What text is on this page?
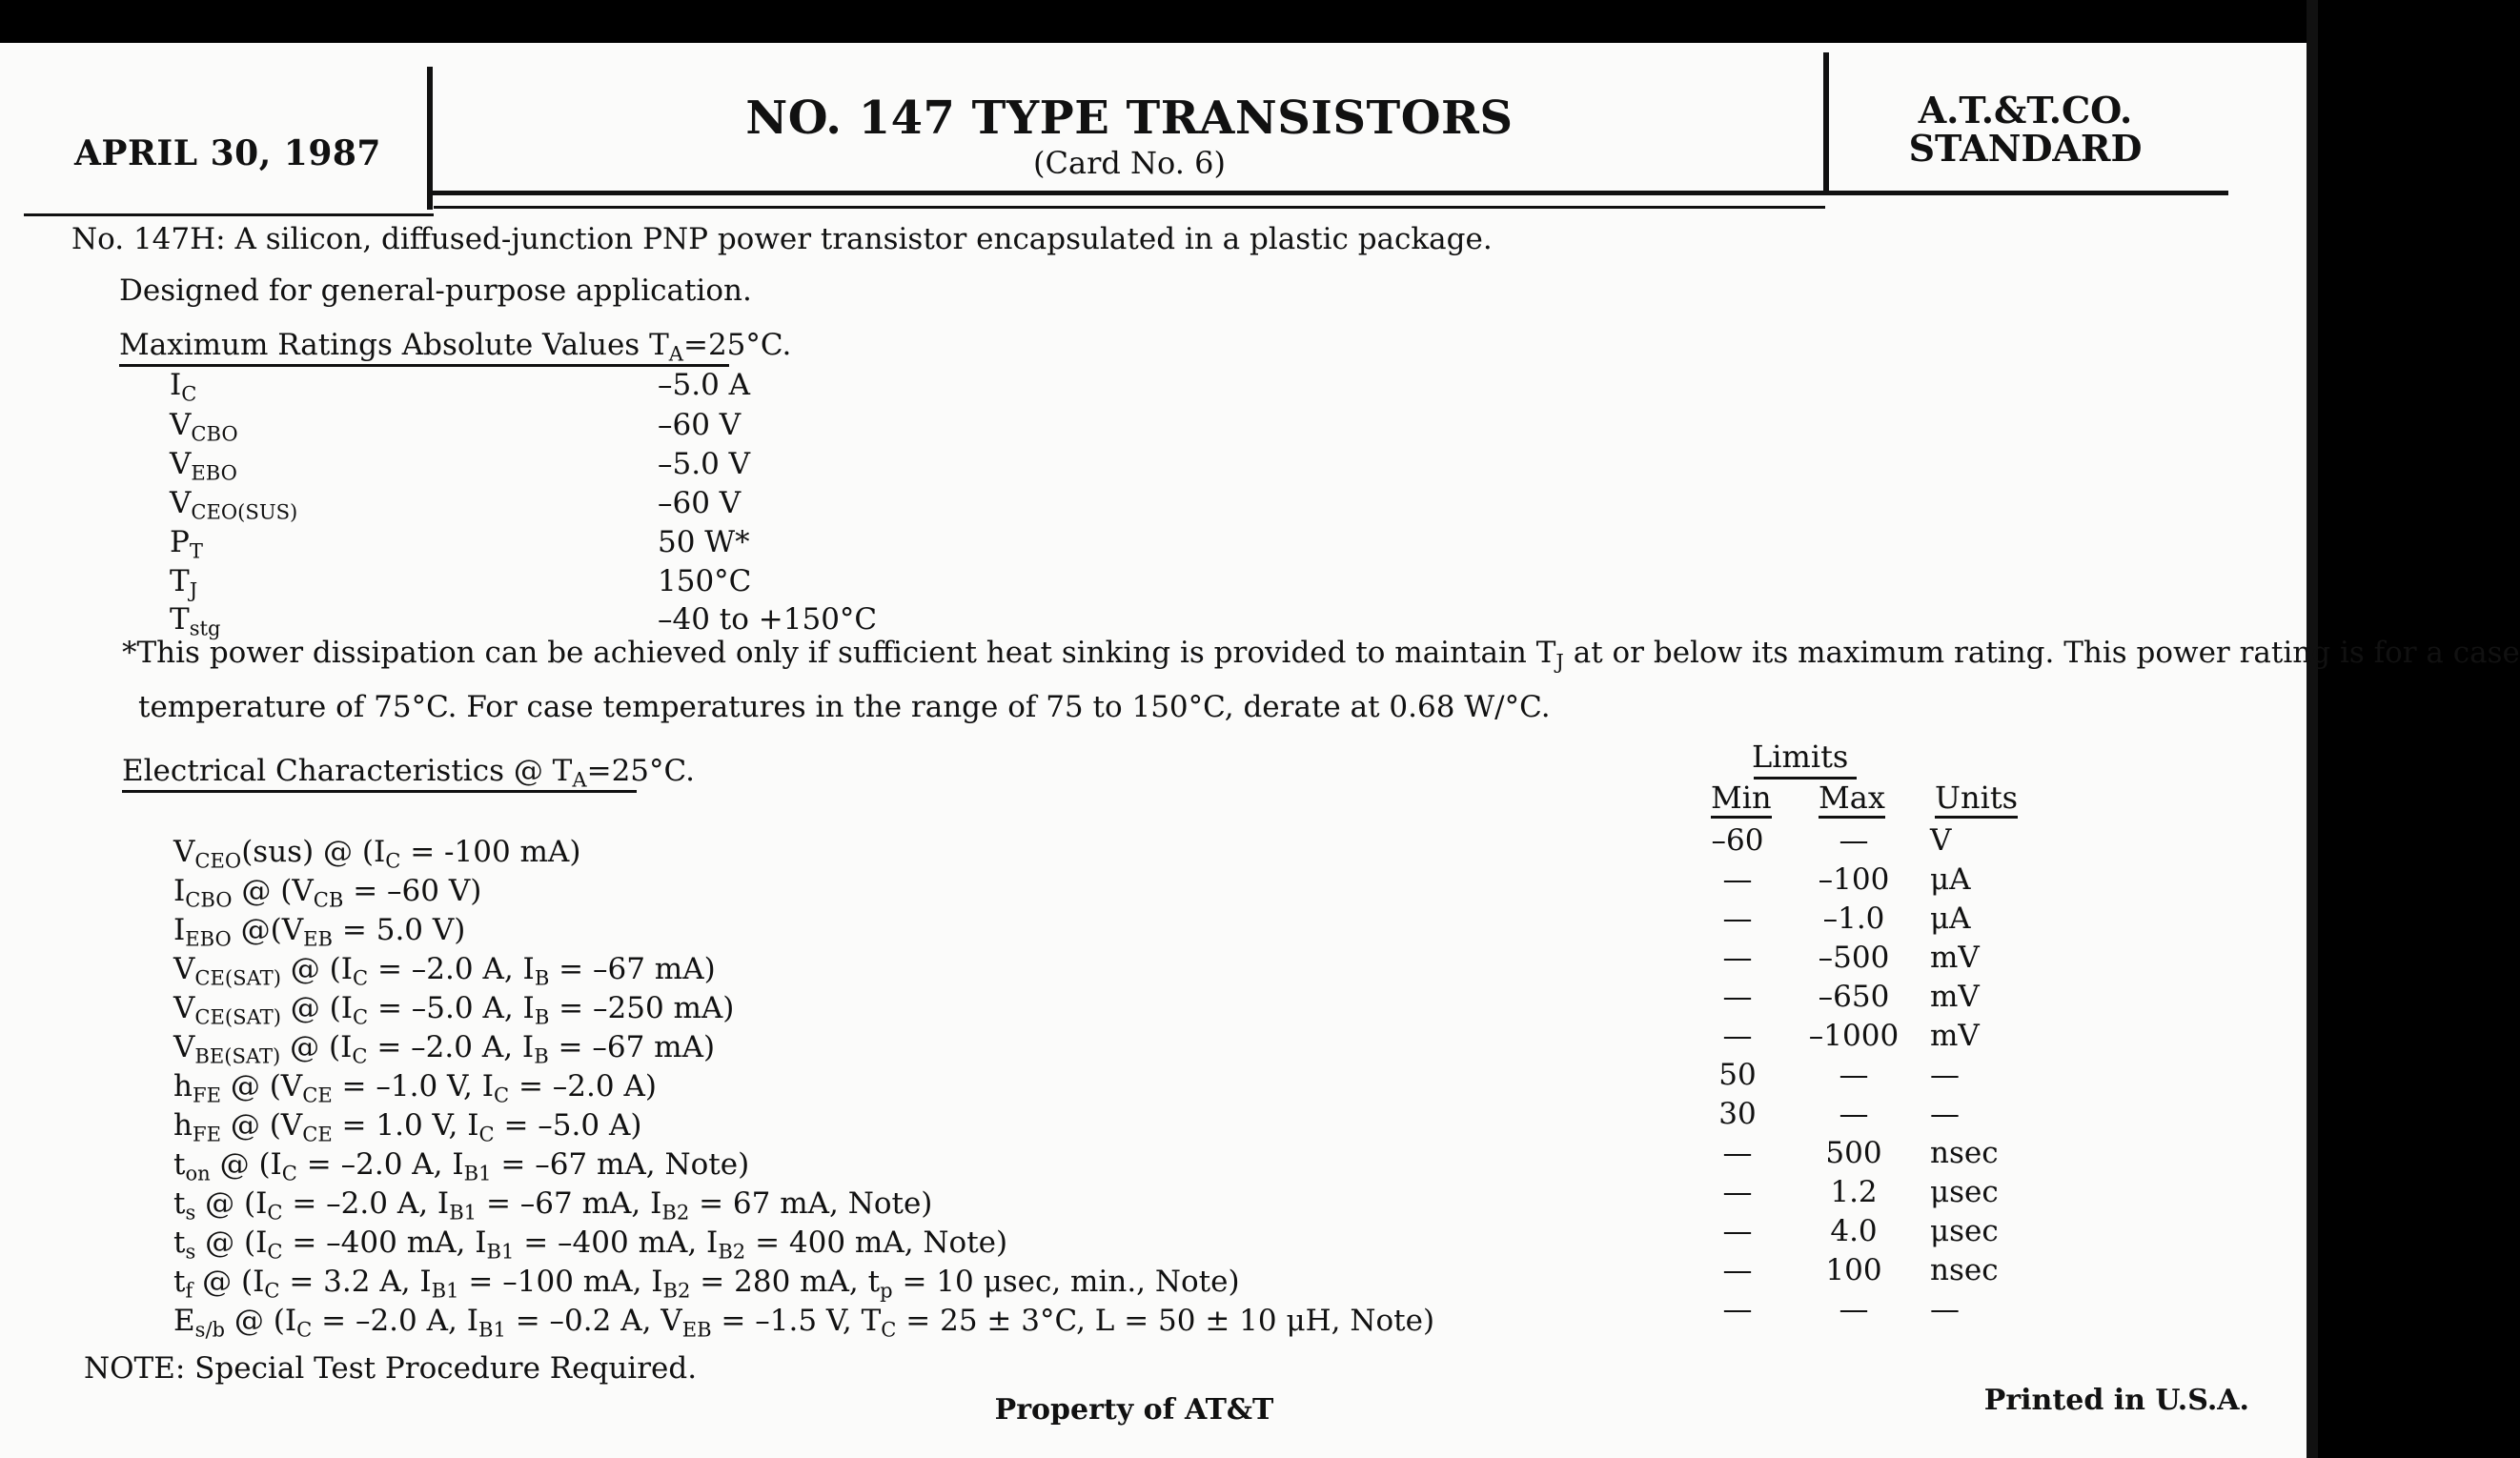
APRIL 30, 1987
NO. 147 TYPE TRANSISTORS
(Card No. 6)
A.T.&T.CO.
STANDARD
No. 147H: A silicon, diffused-junction PNP power transistor encapsulated in a plastic package.
Designed for general-purpose application.
Maximum Ratings Absolute Values $T_A=25^\circ C$.
$I_C$	–5.0 A
$V_{CBO}$	–60 V
$V_{EBO}$	–5.0 V
$V_{CEO(SUS)}$	–60 V
$P_T$	50 W*
$T_J$	150°C
$T_{stg}$	–40 to +150°C
*This power dissipation can be achieved only if sufficient heat sinking is provided to maintain $T_J$ at or below its maximum rating. This power rating is for a case
temperature of 75°C. For case temperatures in the range of 75 to 150°C, derate at 0.68 W/°C.
Electrical Characteristics @ $T_A=25^\circ C$.	Limits
Min Max Units
$V_{CEO}(sus)$ @ ($I_C = -100$ mA)	–60	—	V
$I_{CBO}$ @ ($V_{CB} = -60$ V)	—	–100	μA
$I_{EBO}$ $@(V_{EB} = 5.0$ V)	—	–1.0	μA
$V_{CE(SAT)}$ @ ($I_C = -2.0$ A, $I_B = -67$ mA)	—	–500	mV
$V_{CE(SAT)}$ @ ($I_C = -5.0$ A, $I_B = -250$ mA)	—	–650	mV
$V_{BE(SAT)}$ @ ($I_C = -2.0$ A, $I_B = -67$ mA)	—	–1000 mV
$h_{FE}$ @ ($V_{CE} = -1.0$ V, $I_C = -2.0$ A)	50	—	—
$h_{FE}$ @ ($V_{CE} = 1.0$ V, $I_C = -5.0$ A)	30	—	—
$t_{on}$ @ ($I_C = -2.0$ A, $I_{B1} = -67$ mA, Note)	—	500	nsec
$t_s$ @ ($I_C = -2.0$ A, $I_{B1} = -67$ mA, $I_{B2} = 67$ mA, Note)	—	1.2	μsec
$t_s$ @ ($I_C = -400$ mA, $I_{B1} = -400$ mA, $I_{B2} = 400$ mA, Note)	—	4.0	μsec
$t_f$ @ ($I_C = 3.2$ A, $I_{B1} = -100$ mA, $I_{B2} = 280$ mA, $t_p = 10$ μsec, min., Note)	—	100	nsec
$E_{s/b}$ @ ($I_C = -2.0$ A, $I_{B1} = -0.2$ A, $V_{EB} = -1.5$ V, $T_C = 25 \pm 3^\circ C$, L = 50 ± 10 μH, Note)	—	—	—
NOTE: Special Test Procedure Required.
Property of AT&T	Printed in U.S.A.
